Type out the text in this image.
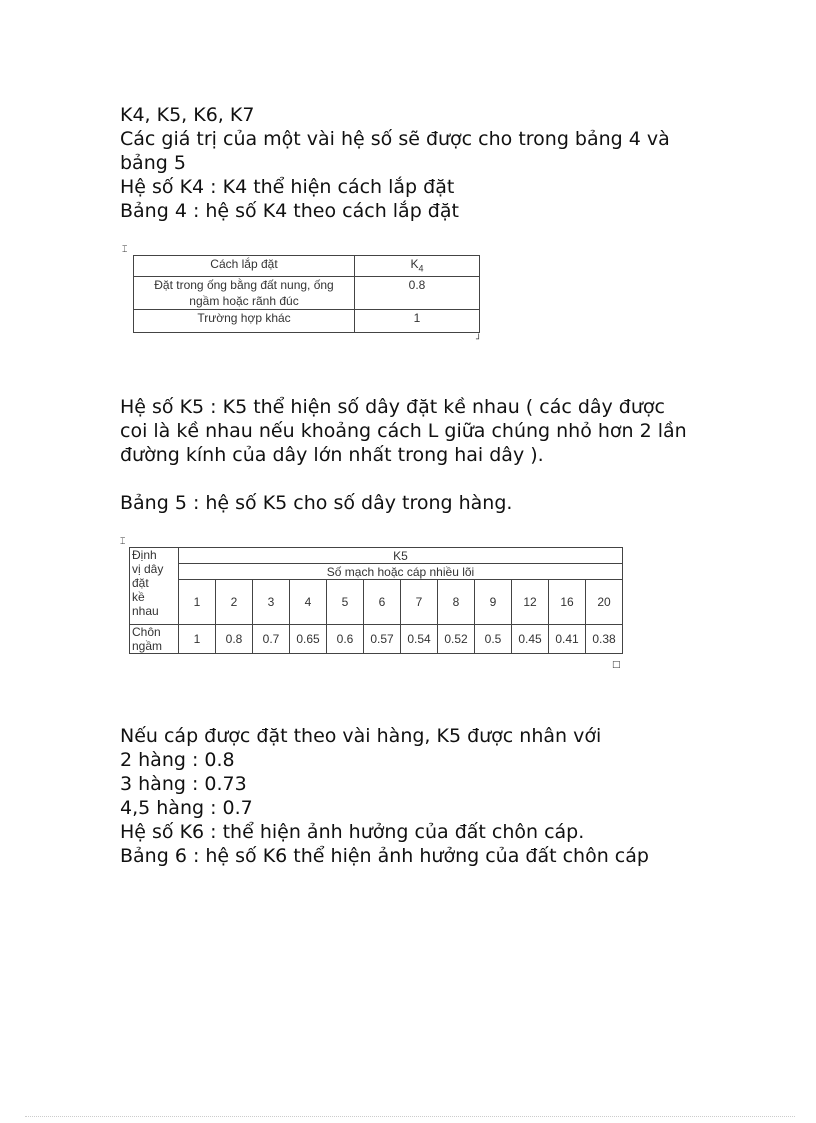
K4, K5, K6, K7
Các giá trị của một vài hệ số sẽ được cho trong bảng 4 và
bảng 5
Hệ số K4 : K4 thể hiện cách lắp đặt
Bảng 4 : hệ số K4 theo cách lắp đặt
⌶
Cách lắp đặt	$K_4$

Đặt trong ống bằng đất nung, ống
ngầm hoặc rãnh đúc	0.8
Trường hợp khác	1
┘
Hệ số K5 : K5 thể hiện số dây đặt kề nhau ( các dây được
coi là kề nhau nếu khoảng cách L giữa chúng nhỏ hơn 2 lần
đường kính của dây lớn nhất trong hai dây ).
Bảng 5 : hệ số K5 cho số dây trong hàng.
⌶
Định
vị dây
đặt
kề
nhau	K5											
	Số mạch hoặc cáp nhiều lõi											
	1	2	3	4	5	6	7	8	9	12	16	20

Chôn
ngầm	1	0.8	0.7	0.65	0.6	0.57	0.54	0.52	0.5	0.45	0.41	0.38
□
Nếu cáp được đặt theo vài hàng, K5 được nhân với
2 hàng : 0.8
3 hàng : 0.73
4,5 hàng : 0.7
Hệ số K6 : thể hiện ảnh hưởng của đất chôn cáp.
Bảng 6 : hệ số K6 thể hiện ảnh hưởng của đất chôn cáp
